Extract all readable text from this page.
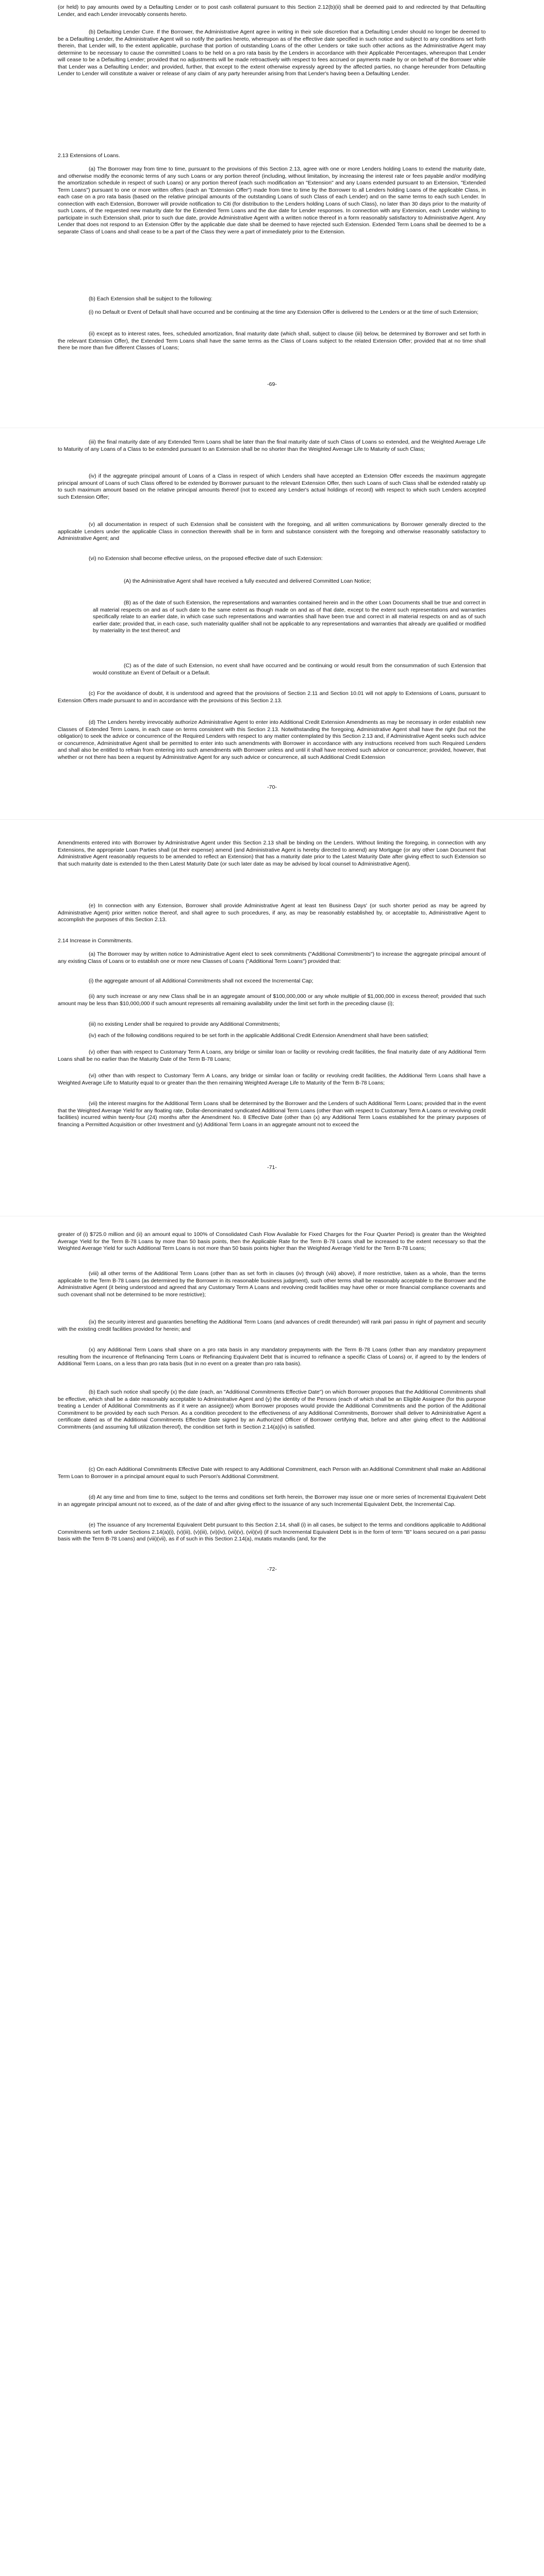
(or held) to pay amounts owed by a Defaulting Lender or to post cash collateral pursuant to this Section 2.12(b)(ii) shall be deemed paid to and redirected by that Defaulting Lender, and each Lender irrevocably consents hereto.

(b) Defaulting Lender Cure. If the Borrower, the Administrative Agent agree in writing in their sole discretion that a Defaulting Lender should no longer be deemed to be a Defaulting Lender, the Administrative Agent will so notify the parties hereto, whereupon as of the effective date specified in such notice and subject to any conditions set forth therein, that Lender will, to the extent applicable, purchase that portion of outstanding Loans of the other Lenders or take such other actions as the Administrative Agent may determine to be necessary to cause the committed Loans to be held on a pro rata basis by the Lenders in accordance with their Applicable Percentages, whereupon that Lender will cease to be a Defaulting Lender; provided that no adjustments will be made retroactively with respect to fees accrued or payments made by or on behalf of the Borrower while that Lender was a Defaulting Lender; and provided, further, that except to the extent otherwise expressly agreed by the affected parties, no change hereunder from Defaulting Lender to Lender will constitute a waiver or release of any claim of any party hereunder arising from that Lender's having been a Defaulting Lender.

2.13 Extensions of Loans.

(a) The Borrower may from time to time, pursuant to the provisions of this Section 2.13, agree with one or more Lenders holding Loans to extend the maturity date, and otherwise modify the economic terms of any such Loans or any portion thereof (including, without limitation, by increasing the interest rate or fees payable and/or modifying the amortization schedule in respect of such Loans) or any portion thereof (each such modification an "Extension" and any Loans extended pursuant to an Extension, "Extended Term Loans") pursuant to one or more written offers (each an "Extension Offer") made from time to time by the Borrower to all Lenders holding Loans of the applicable Class, in each case on a pro rata basis (based on the relative principal amounts of the outstanding Loans of such Class of each Lender) and on the same terms to each such Lender. In connection with each Extension, Borrower will provide notification to Citi (for distribution to the Lenders holding Loans of such Class), no later than 30 days prior to the maturity of such Loans, of the requested new maturity date for the Extended Term Loans and the due date for Lender responses. In connection with any Extension, each Lender wishing to participate in such Extension shall, prior to such due date, provide Administrative Agent with a written notice thereof in a form reasonably satisfactory to Administrative Agent. Any Lender that does not respond to an Extension Offer by the applicable due date shall be deemed to have rejected such Extension. Extended Term Loans shall be deemed to be a separate Class of Loans and shall cease to be a part of the Class they were a part of immediately prior to the Extension.

(b) Each Extension shall be subject to the following:

(i) no Default or Event of Default shall have occurred and be continuing at the time any Extension Offer is delivered to the Lenders or at the time of such Extension;

(ii) except as to interest rates, fees, scheduled amortization, final maturity date (which shall, subject to clause (iii) below, be determined by Borrower and set forth in the relevant Extension Offer), the Extended Term Loans shall have the same terms as the Class of Loans subject to the related Extension Offer; provided that at no time shall there be more than five different Classes of Loans;

-69-

(iii) the final maturity date of any Extended Term Loans shall be later than the final maturity date of such Class of Loans so extended, and the Weighted Average Life to Maturity of any Loans of a Class to be extended pursuant to an Extension shall be no shorter than the Weighted Average Life to Maturity of such Class;

(iv) if the aggregate principal amount of Loans of a Class in respect of which Lenders shall have accepted an Extension Offer exceeds the maximum aggregate principal amount of Loans of such Class offered to be extended by Borrower pursuant to the relevant Extension Offer, then such Loans of such Class shall be extended ratably up to such maximum amount based on the relative principal amounts thereof (not to exceed any Lender's actual holdings of record) with respect to which such Lenders accepted such Extension Offer;

(v) all documentation in respect of such Extension shall be consistent with the foregoing, and all written communications by Borrower generally directed to the applicable Lenders under the applicable Class in connection therewith shall be in form and substance consistent with the foregoing and otherwise reasonably satisfactory to Administrative Agent; and

(vi) no Extension shall become effective unless, on the proposed effective date of such Extension:

(A) the Administrative Agent shall have received a fully executed and delivered Committed Loan Notice;

(B) as of the date of such Extension, the representations and warranties contained herein and in the other Loan Documents shall be true and correct in all material respects on and as of such date to the same extent as though made on and as of that date, except to the extent such representations and warranties specifically relate to an earlier date, in which case such representations and warranties shall have been true and correct in all material respects on and as of such earlier date; provided that, in each case, such materiality qualifier shall not be applicable to any representations and warranties that already are qualified or modified by materiality in the text thereof; and

(C) as of the date of such Extension, no event shall have occurred and be continuing or would result from the consummation of such Extension that would constitute an Event of Default or a Default.

(c) For the avoidance of doubt, it is understood and agreed that the provisions of Section 2.11 and Section 10.01 will not apply to Extensions of Loans, pursuant to Extension Offers made pursuant to and in accordance with the provisions of this Section 2.13.

(d) The Lenders hereby irrevocably authorize Administrative Agent to enter into Additional Credit Extension Amendments as may be necessary in order establish new Classes of Extended Term Loans, in each case on terms consistent with this Section 2.13. Notwithstanding the foregoing, Administrative Agent shall have the right (but not the obligation) to seek the advice or concurrence of the Required Lenders with respect to any matter contemplated by this Section 2.13 and, if Administrative Agent seeks such advice or concurrence, Administrative Agent shall be permitted to enter into such amendments with Borrower in accordance with any instructions received from such Required Lenders and shall also be entitled to refrain from entering into such amendments with Borrower unless and until it shall have received such advice or concurrence; provided, however, that whether or not there has been a request by Administrative Agent for any such advice or concurrence, all such Additional Credit Extension

-70-

Amendments entered into with Borrower by Administrative Agent under this Section 2.13 shall be binding on the Lenders. Without limiting the foregoing, in connection with any Extensions, the appropriate Loan Parties shall (at their expense) amend (and Administrative Agent is hereby directed to amend) any Mortgage (or any other Loan Document that Administrative Agent reasonably requests to be amended to reflect an Extension) that has a maturity date prior to the Latest Maturity Date after giving effect to such Extension so that such maturity date is extended to the then Latest Maturity Date (or such later date as may be advised by local counsel to Administrative Agent).

(e) In connection with any Extension, Borrower shall provide Administrative Agent at least ten Business Days' (or such shorter period as may be agreed by Administrative Agent) prior written notice thereof, and shall agree to such procedures, if any, as may be reasonably established by, or acceptable to, Administrative Agent to accomplish the purposes of this Section 2.13.

2.14 Increase in Commitments.

(a) The Borrower may by written notice to Administrative Agent elect to seek commitments ("Additional Commitments") to increase the aggregate principal amount of any existing Class of Loans or to establish one or more new Classes of Loans ("Additional Term Loans") provided that:

(i) the aggregate amount of all Additional Commitments shall not exceed the Incremental Cap;

(ii) any such increase or any new Class shall be in an aggregate amount of $100,000,000 or any whole multiple of $1,000,000 in excess thereof; provided that such amount may be less than $10,000,000 if such amount represents all remaining availability under the limit set forth in the preceding clause (i);

(iii) no existing Lender shall be required to provide any Additional Commitments;

(iv) each of the following conditions required to be set forth in the applicable Additional Credit Extension Amendment shall have been satisfied;

(v) other than with respect to Customary Term A Loans, any bridge or similar loan or facility or revolving credit facilities, the final maturity date of any Additional Term Loans shall be no earlier than the Maturity Date of the Term B-78 Loans;

(vi) other than with respect to Customary Term A Loans, any bridge or similar loan or facility or revolving credit facilities, the Additional Term Loans shall have a Weighted Average Life to Maturity equal to or greater than the then remaining Weighted Average Life to Maturity of the Term B-78 Loans;

(vii) the interest margins for the Additional Term Loans shall be determined by the Borrower and the Lenders of such Additional Term Loans; provided that in the event that the Weighted Average Yield for any floating rate, Dollar-denominated syndicated Additional Term Loans (other than with respect to Customary Term A Loans or revolving credit facilities) incurred within twenty-four (24) months after the Amendment No. 8 Effective Date (other than (x) any Additional Term Loans established for the primary purposes of financing a Permitted Acquisition or other Investment and (y) Additional Term Loans in an aggregate amount not to exceed the

-71-

greater of (i) $725.0 million and (ii) an amount equal to 100% of Consolidated Cash Flow Available for Fixed Charges for the Four Quarter Period) is greater than the Weighted Average Yield for the Term B-78 Loans by more than 50 basis points, then the Applicable Rate for the Term B-78 Loans shall be increased to the extent necessary so that the Weighted Average Yield for such Additional Term Loans is not more than 50 basis points higher than the Weighted Average Yield for the Term B-78 Loans;

(viii) all other terms of the Additional Term Loans (other than as set forth in clauses (iv) through (viii) above), if more restrictive, taken as a whole, than the terms applicable to the Term B-78 Loans (as determined by the Borrower in its reasonable business judgment), such other terms shall be reasonably acceptable to the Borrower and the Administrative Agent (it being understood and agreed that any Customary Term A Loans and revolving credit facilities may have other or more financial compliance covenants and such covenant shall not be determined to be more restrictive);

(ix) the security interest and guaranties benefiting the Additional Term Loans (and advances of credit thereunder) will rank pari passu in right of payment and security with the existing credit facilities provided for herein; and

(x) any Additional Term Loans shall share on a pro rata basis in any mandatory prepayments with the Term B-78 Loans (other than any mandatory prepayment resulting from the incurrence of Refinancing Term Loans or Refinancing Equivalent Debt that is incurred to refinance a specific Class of Loans) or, if agreed to by the lenders of Additional Term Loans, on a less than pro rata basis (but in no event on a greater than pro rata basis).

(b) Each such notice shall specify (x) the date (each, an "Additional Commitments Effective Date") on which Borrower proposes that the Additional Commitments shall be effective, which shall be a date reasonably acceptable to Administrative Agent and (y) the identity of the Persons (each of which shall be an Eligible Assignee (for this purpose treating a Lender of Additional Commitments as if it were an assignee)) whom Borrower proposes would provide the Additional Commitments and the portion of the Additional Commitment to be provided by each such Person. As a condition precedent to the effectiveness of any Additional Commitments, Borrower shall deliver to Administrative Agent a certificate dated as of the Additional Commitments Effective Date signed by an Authorized Officer of Borrower certifying that, before and after giving effect to the Additional Commitments (and assuming full utilization thereof), the condition set forth in Section 2.14(a)(iv) is satisfied.

(c) On each Additional Commitments Effective Date with respect to any Additional Commitment, each Person with an Additional Commitment shall make an Additional Term Loan to Borrower in a principal amount equal to such Person's Additional Commitment.

(d) At any time and from time to time, subject to the terms and conditions set forth herein, the Borrower may issue one or more series of Incremental Equivalent Debt in an aggregate principal amount not to exceed, as of the date of and after giving effect to the issuance of any such Incremental Equivalent Debt, the Incremental Cap.

(e) The issuance of any Incremental Equivalent Debt pursuant to this Section 2.14, shall (i) in all cases, be subject to the terms and conditions applicable to Additional Commitments set forth under Sections 2.14(a)(i), (v)(iii), (v)(iii), (vi)(iv), (vii)(v), (vii)(vi) (if such Incremental Equivalent Debt is in the form of term "B" loans secured on a pari passu basis with the Term B-78 Loans) and (viii)(vii), as if of such in this Section 2.14(a), mutatis mutandis (and, for the

-72-
